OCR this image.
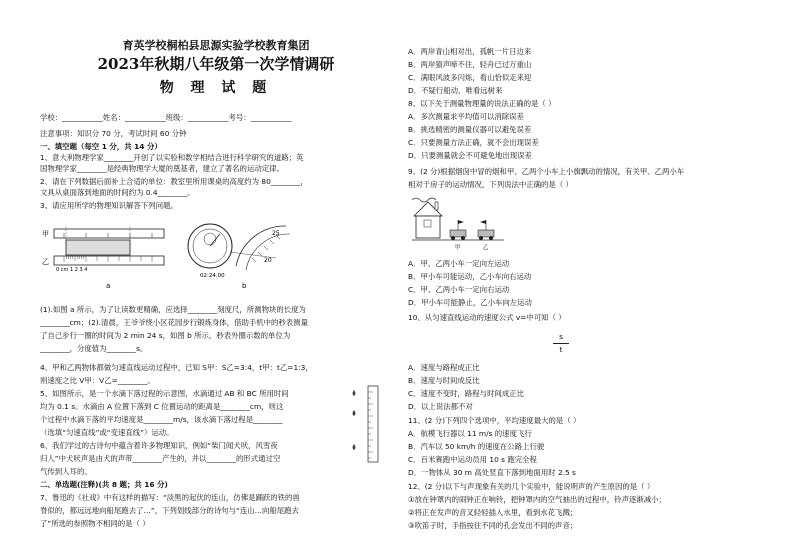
育英学校桐柏县思源实验学校教育集团
2023年秋期八年级第一次学情调研
物 理 试 题
学校：___________姓名：___________班级：___________考号：___________
注意事项：知识分 70 分，考试时间 60 分钟
一、填空题（每空 1 分，共 14 分）
1、意大利物理学家________开创了以实验和数学相结合进行科学研究的道路；英
国物理学家________是经典物理学大厦的奠基者，建立了著名的运动定律。
2、请在下列数据后面补上合适的单位：教室里所用课桌的高度约为 80________，
文具从桌面落到地面的时间约为 0.4________。
3、请应用所学的物理知识解答下列问题。
甲
乙
0 cm 1 2 3 4
a
02:24.00
25
20
b
(1).如图 a 所示，为了让读数更精确，应选择________刻度尺，所测物块的长度为
________cm；(2).清晨，王爷爷绕小区花园步行锻炼身体，借助手机中的秒表测量
了自己步行一圈的时间为 2 min 24 s，如图 b 所示，秒表外圈示数的单位为
________，分度值为________s。
4、甲和乙两物体都做匀速直线运动过程中，已知 S甲：S乙=3:4，t甲：t乙=1:3，
则速度之比 V甲：V乙=________。
5、如图所示，是一个水滴下落过程的示意图，水滴通过 AB 和 BC 所用时间
均为 0.1 s。水滴由 A 位置下落到 C 位置运动的距离是________cm，则这
个过程中水滴下落的平均速度是________m/s，该水滴下落过程是________
（选填“匀速直线”或“变速直线”）运动。
6、我们学过的古诗句中蕴含着许多物理知识，例如“柴门闻犬吠，风雪夜
归人”中犬吠声是由犬的声带________产生的，并以________的形式通过空
气传到人耳的。
二、单选题(注释)(共 8 题；共 16 分)
7、鲁迅的《社戏》中有这样的描写：“淡黑的起伏的连山，仿佛是踊跃的铁的兽
脊似的，都远远地向船尾跑去了…”，下列划线部分的诗句与“连山…向船尾跑去
了”所选的参照物不相同的是（ ）
A．两岸青山相对出，孤帆一片日边来
B．两岸猿声啼不住，轻舟已过万重山
C．满眼风波多闪烁，看山恰似走来迎
D．不疑行船动，唯看远树来
8、以下关于测量物理量的说法正确的是（ ）
A．多次测量求平均值可以消除误差
B．挑选精密的测量仪器可以避免误差
C．只要测量方法正确，就不会出现误差
D．只要测量就会不可避免地出现误差
9、(2 分)根据烟囱中冒的烟和甲、乙两个小车上小旗飘动的情况，有关甲、乙两小车
相对于房子的运动情况，下列说法中正确的是（ ）
甲	乙
A．甲、乙两小车一定向左运动
B．甲小车可能运动，乙小车向右运动
C．甲、乙两小车一定向右运动
D．甲小车可能静止，乙小车向左运动
10、从匀速直线运动的速度公式 v=中可知（ ）
s
t
A．速度与路程成正比
B．速度与时间成反比
C．速度不变时，路程与时间成正比
D．以上说法都不对
11、(2 分)下列四个选项中，平均速度最大的是（ ）
A．航模飞行器以 11 m/s 的速度飞行
B．汽车以 50 km/h 的速度在公路上行驶
C．百米赛跑中运动员用 10 s 跑完全程
D．一物体从 30 m 高处竖直下落到地面用时 2.5 s
12、(2 分)以下与声现象有关的几个实验中，能说明声的产生原因的是（ ）
①放在钟罩内的闹钟正在响铃，把钟罩内的空气抽出的过程中，铃声逐渐减小；
②将正在发声的音叉轻轻插入水里，看到水花飞溅；
③吹笛子时，手指按住不同的孔会发出不同的声音；
